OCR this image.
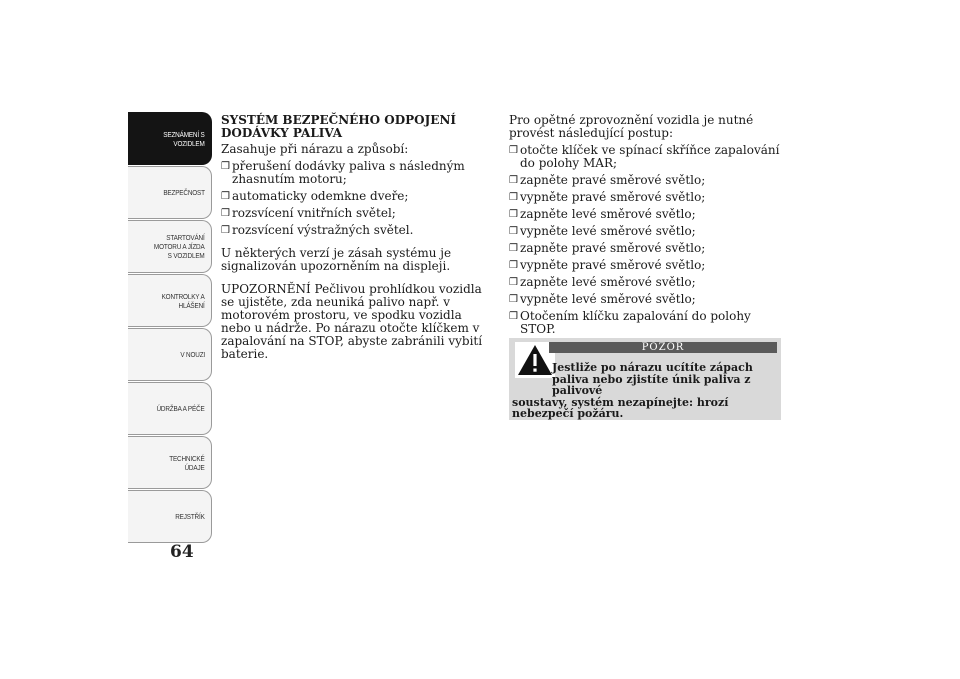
SEZNÁMENÍ S
VOZIDLEM
BEZPEČNOST
STARTOVÁNÍ
MOTORU A JÍZDA
S VOZIDLEM
KONTROLKY A
HLÁŠENÍ
V NOUZI
ÚDRŽBA A PÉČE
TECHNICKÉ
ÚDAJE
REJSTŘÍK
64
SYSTÉM BEZPEČNÉHO ODPOJENÍ DODÁVKY PALIVA

Zasahuje při nárazu a způsobí:

❒ přerušení dodávky paliva s následným zhasnutím motoru;
❒ automaticky odemkne dveře;
❒ rozsvícení vnitřních světel;
❒ rozsvícení výstražných světel.

U některých verzí je zásah systému je signalizován upozorněním na displeji.

UPOZORNĚNÍ Pečlivou prohlídkou vozidla se ujistěte, zda neuniká palivo např. v motorovém prostoru, ve spodku vozidla nebo u nádrže. Po nárazu otočte klíčkem v zapalování na STOP, abyste zabránili vybití baterie.

Pro opětné zprovoznění vozidla je nutné provést následující postup:

❒ otočte klíček ve spínací skříňce zapalování do polohy MAR;
❒ zapněte pravé směrové světlo;
❒ vypněte pravé směrové světlo;
❒ zapněte levé směrové světlo;
❒ vypněte levé směrové světlo;
❒ zapněte pravé směrové světlo;
❒ vypněte pravé směrové světlo;
❒ zapněte levé směrové světlo;
❒ vypněte levé směrové světlo;
❒ Otočením klíčku zapalování do polohy STOP.
POZOR
Jestliže po nárazu ucítíte zápach paliva nebo zjistíte únik paliva z palivové
soustavy, systém nezapínejte: hrozí nebezpečí požáru.
